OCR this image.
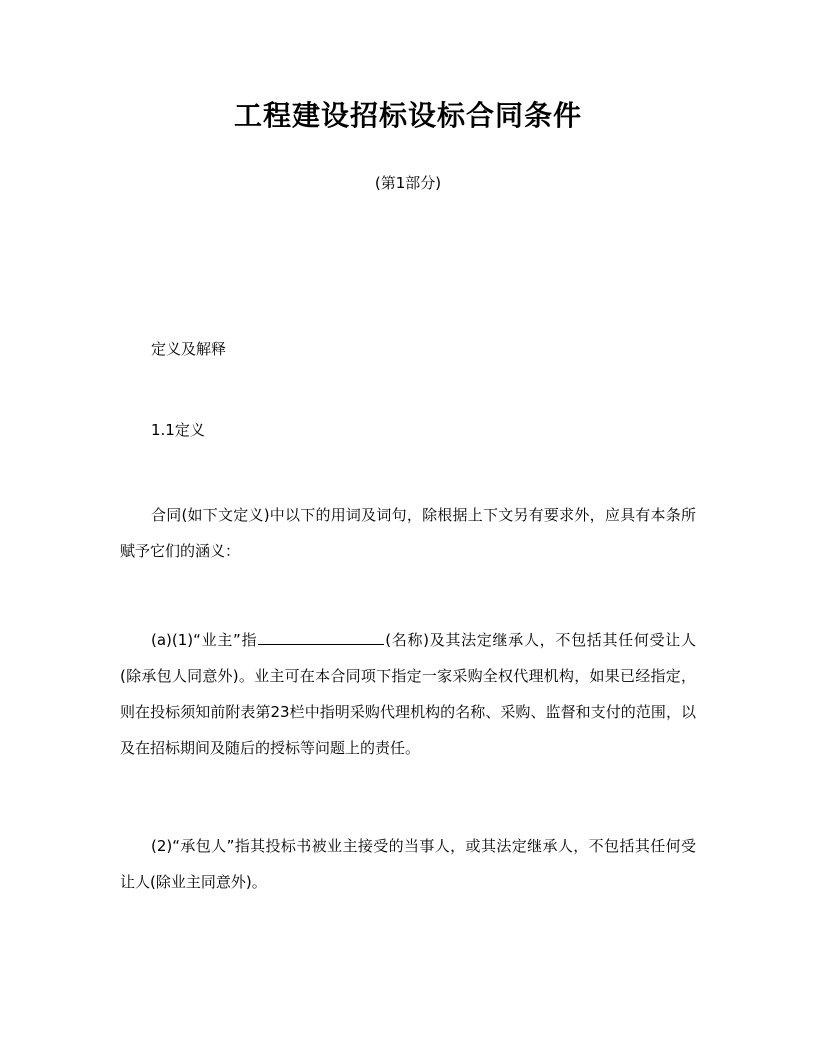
工程建设招标设标合同条件
(第1部分)
定义及解释
1.1定义
合同(如下文定义)中以下的用词及词句，除根据上下文另有要求外，应具有本条所赋予它们的涵义：
(a)(1)“业主”指	(名称)及其法定继承人，不包括其任何受让人(除承包人同意外)。业主可在本合同项下指定一家采购全权代理机构，如果已经指定，则在投标须知前附表第23栏中指明采购代理机构的名称、采购、监督和支付的范围，以及在招标期间及随后的授标等问题上的责任。
(2)“承包人”指其投标书被业主接受的当事人，或其法定继承人，不包括其任何受让人(除业主同意外)。
